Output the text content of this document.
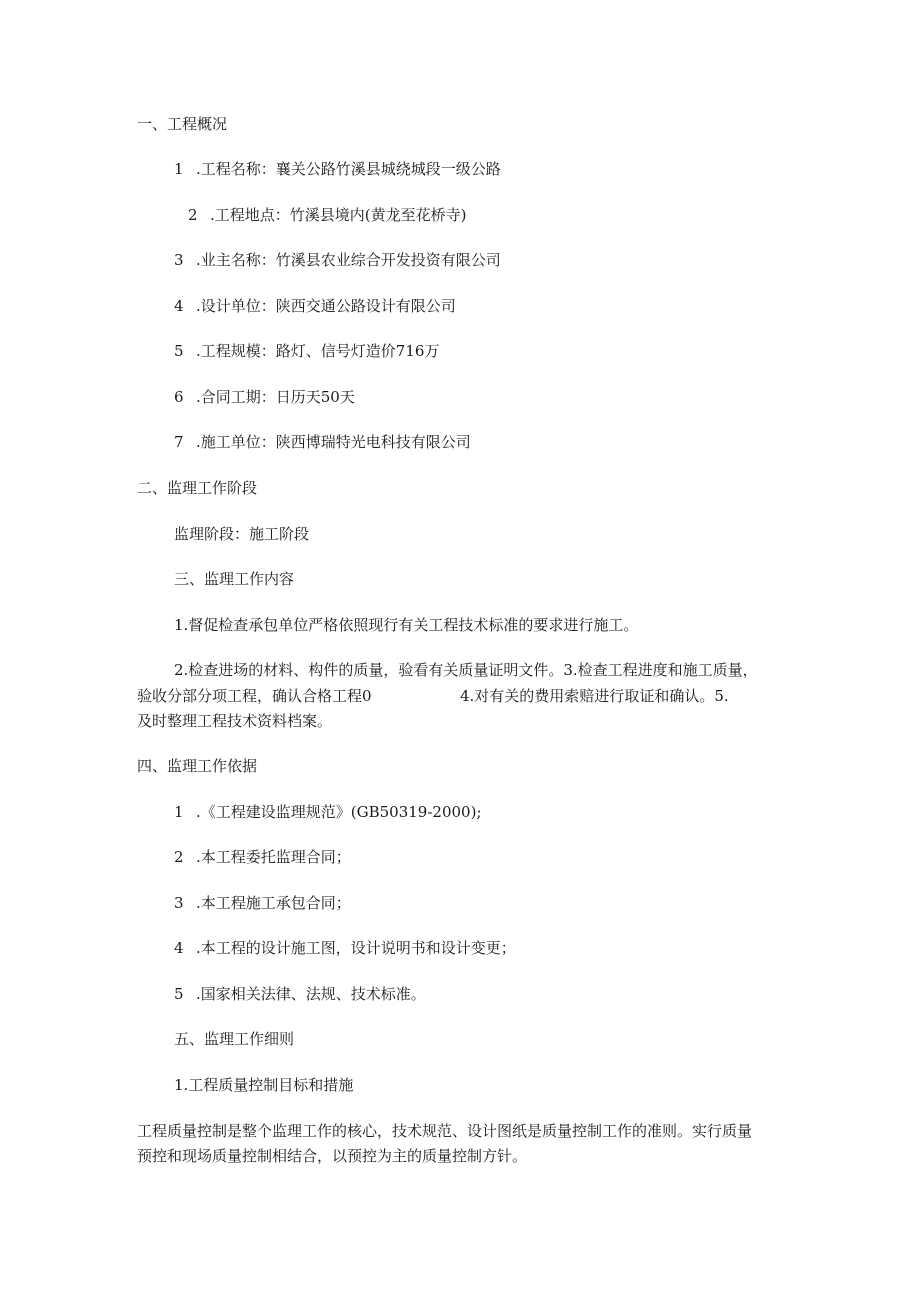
一、工程概况
1 .工程名称：襄关公路竹溪县城绕城段一级公路
2 .工程地点：竹溪县境内(黄龙至花桥寺)
3 .业主名称：竹溪县农业综合开发投资有限公司
4 .设计单位：陕西交通公路设计有限公司
5 .工程规模：路灯、信号灯造价716万
6 .合同工期：日历天50天
7 .施工单位：陕西博瑞特光电科技有限公司
二、监理工作阶段
监理阶段：施工阶段
三、监理工作内容
1.督促检查承包单位严格依照现行有关工程技术标准的要求进行施工。
2.检查进场的材料、构件的质量，验看有关质量证明文件。3.检查工程进度和施工质量，
验收分部分项工程，确认合格工程0	4.对有关的费用索赔进行取证和确认。5.
及时整理工程技术资料档案。
四、监理工作依据
1 .《工程建设监理规范》(GB50319-2000);
2 .本工程委托监理合同；
3 .本工程施工承包合同；
4 .本工程的设计施工图，设计说明书和设计变更；
5 .国家相关法律、法规、技术标准。
五、监理工作细则
1.工程质量控制目标和措施
工程质量控制是整个监理工作的核心，技术规范、设计图纸是质量控制工作的准则。实行质量
预控和现场质量控制相结合，以预控为主的质量控制方针。
